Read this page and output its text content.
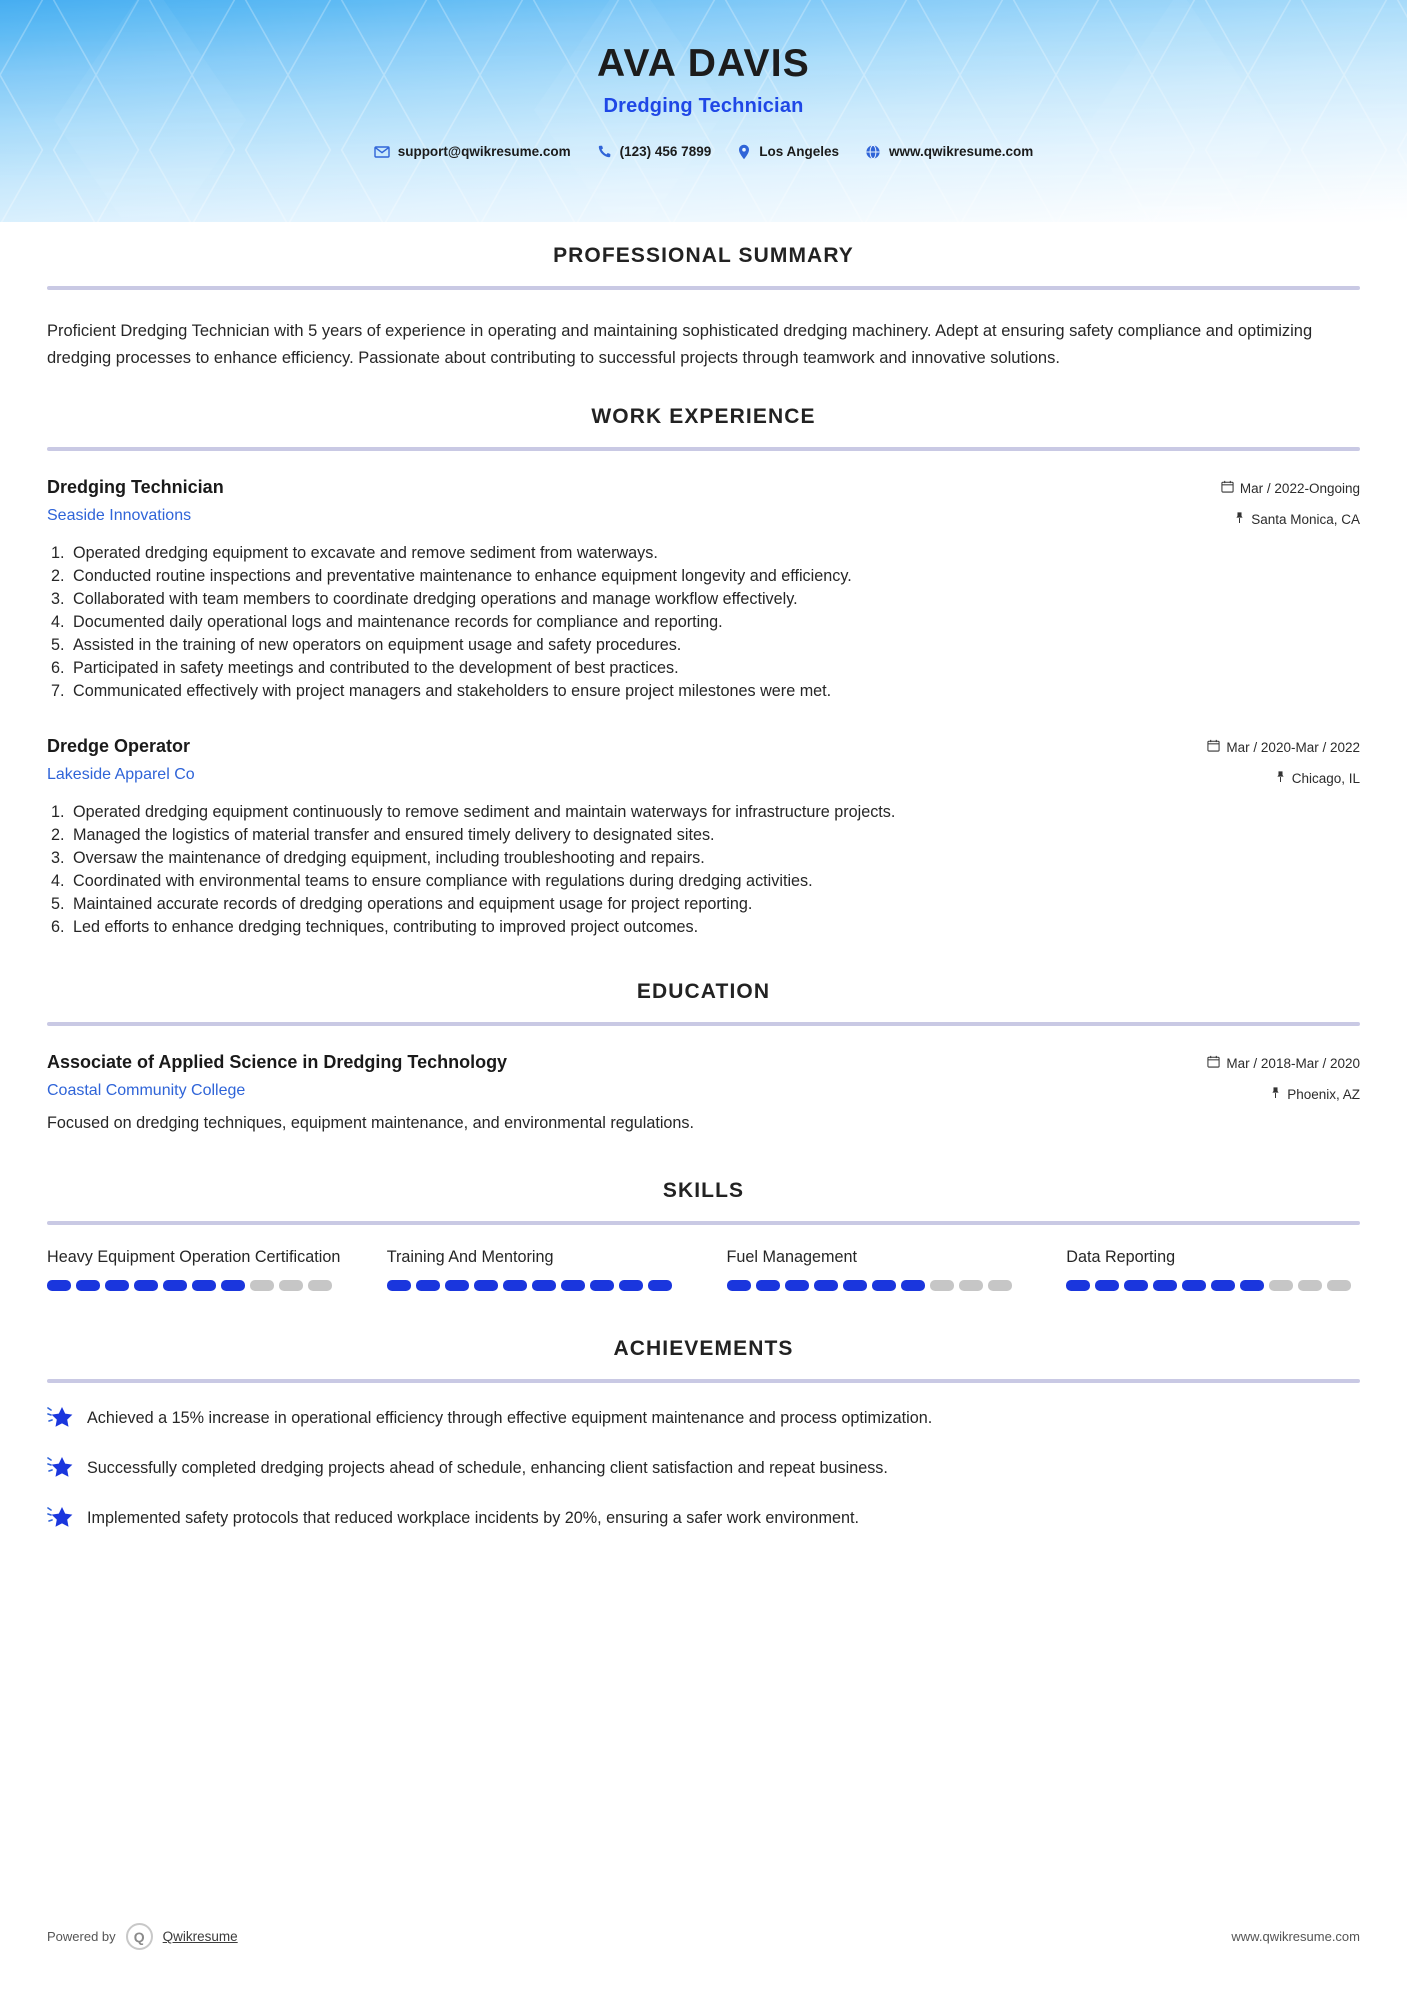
AVA DAVIS
Dredging Technician
support@qwikresume.com	(123) 456 7899	Los Angeles	www.qwikresume.com
PROFESSIONAL SUMMARY

Proficient Dredging Technician with 5 years of experience in operating and maintaining sophisticated dredging machinery. Adept at ensuring safety compliance and optimizing dredging processes to enhance efficiency. Passionate about contributing to successful projects through teamwork and innovative solutions.

WORK EXPERIENCE
Dredging Technician
Seaside Innovations
Mar / 2022-Ongoing
Santa Monica, CA
1. Operated dredging equipment to excavate and remove sediment from waterways.
2. Conducted routine inspections and preventative maintenance to enhance equipment longevity and efficiency.
3. Collaborated with team members to coordinate dredging operations and manage workflow effectively.
4. Documented daily operational logs and maintenance records for compliance and reporting.
5. Assisted in the training of new operators on equipment usage and safety procedures.
6. Participated in safety meetings and contributed to the development of best practices.
7. Communicated effectively with project managers and stakeholders to ensure project milestones were met.
Dredge Operator
Lakeside Apparel Co
Mar / 2020-Mar / 2022
Chicago, IL
1. Operated dredging equipment continuously to remove sediment and maintain waterways for infrastructure projects.
2. Managed the logistics of material transfer and ensured timely delivery to designated sites.
3. Oversaw the maintenance of dredging equipment, including troubleshooting and repairs.
4. Coordinated with environmental teams to ensure compliance with regulations during dredging activities.
5. Maintained accurate records of dredging operations and equipment usage for project reporting.
6. Led efforts to enhance dredging techniques, contributing to improved project outcomes.
EDUCATION
Associate of Applied Science in Dredging Technology
Coastal Community College
Mar / 2018-Mar / 2020
Phoenix, AZ
Focused on dredging techniques, equipment maintenance, and environmental regulations.
SKILLS
Heavy Equipment Operation Certification	Training And Mentoring	Fuel Management	Data Reporting
ACHIEVEMENTS
Achieved a 15% increase in operational efficiency through effective equipment maintenance and process optimization.
Successfully completed dredging projects ahead of schedule, enhancing client satisfaction and repeat business.
Implemented safety protocols that reduced workplace incidents by 20%, ensuring a safer work environment.
Powered by	Q	Qwikresume	www.qwikresume.com
